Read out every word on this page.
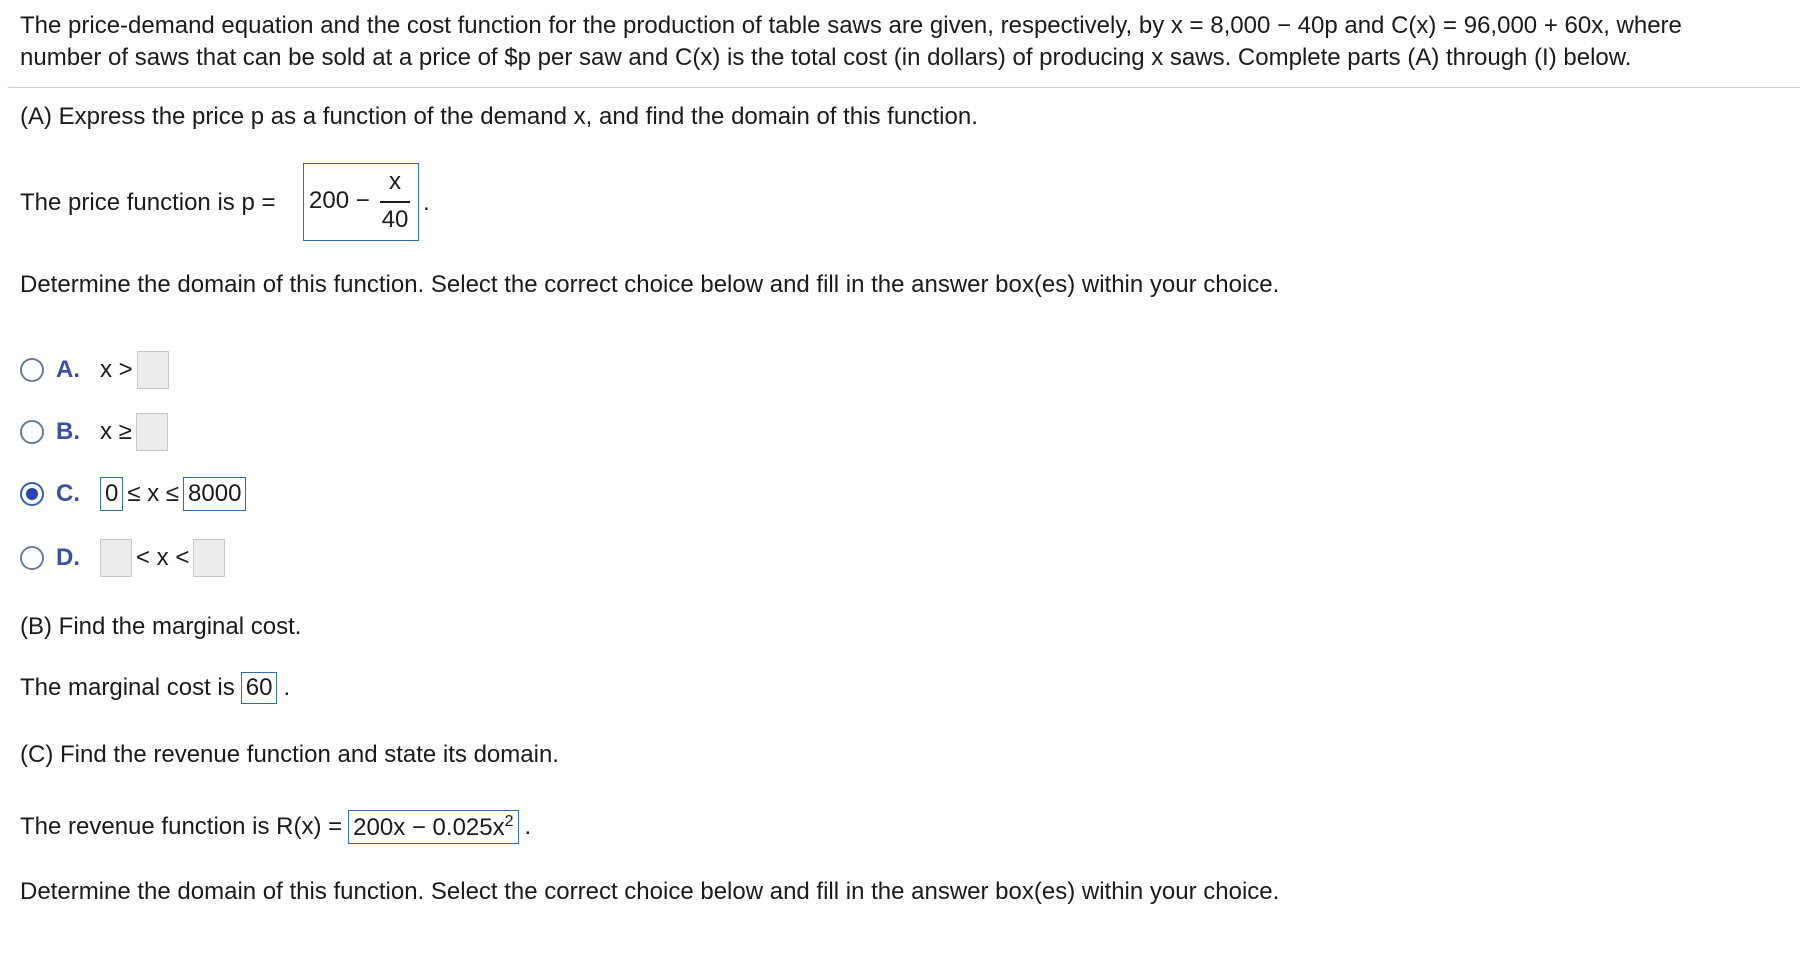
The price-demand equation and the cost function for the production of table saws are given, respectively, by x = 8,000 − 40p and C(x) = 96,000 + 60x, where
number of saws that can be sold at a price of $p per saw and C(x) is the total cost (in dollars) of producing x saws. Complete parts (A) through (I) below.
(A) Express the price p as a function of the demand x, and find the domain of this function.
The price function is p = 200 −
x
40
.
Determine the domain of this function. Select the correct choice below and fill in the answer box(es) within your choice.
A. x >
B. x ≥
C.	0 ≤ x ≤ 8000
D.	< x <
(B) Find the marginal cost.
The marginal cost is 60 .
(C) Find the revenue function and state its domain.
The revenue function is $R(x) = 200x - 0.025x^2$ .
Determine the domain of this function. Select the correct choice below and fill in the answer box(es) within your choice.
